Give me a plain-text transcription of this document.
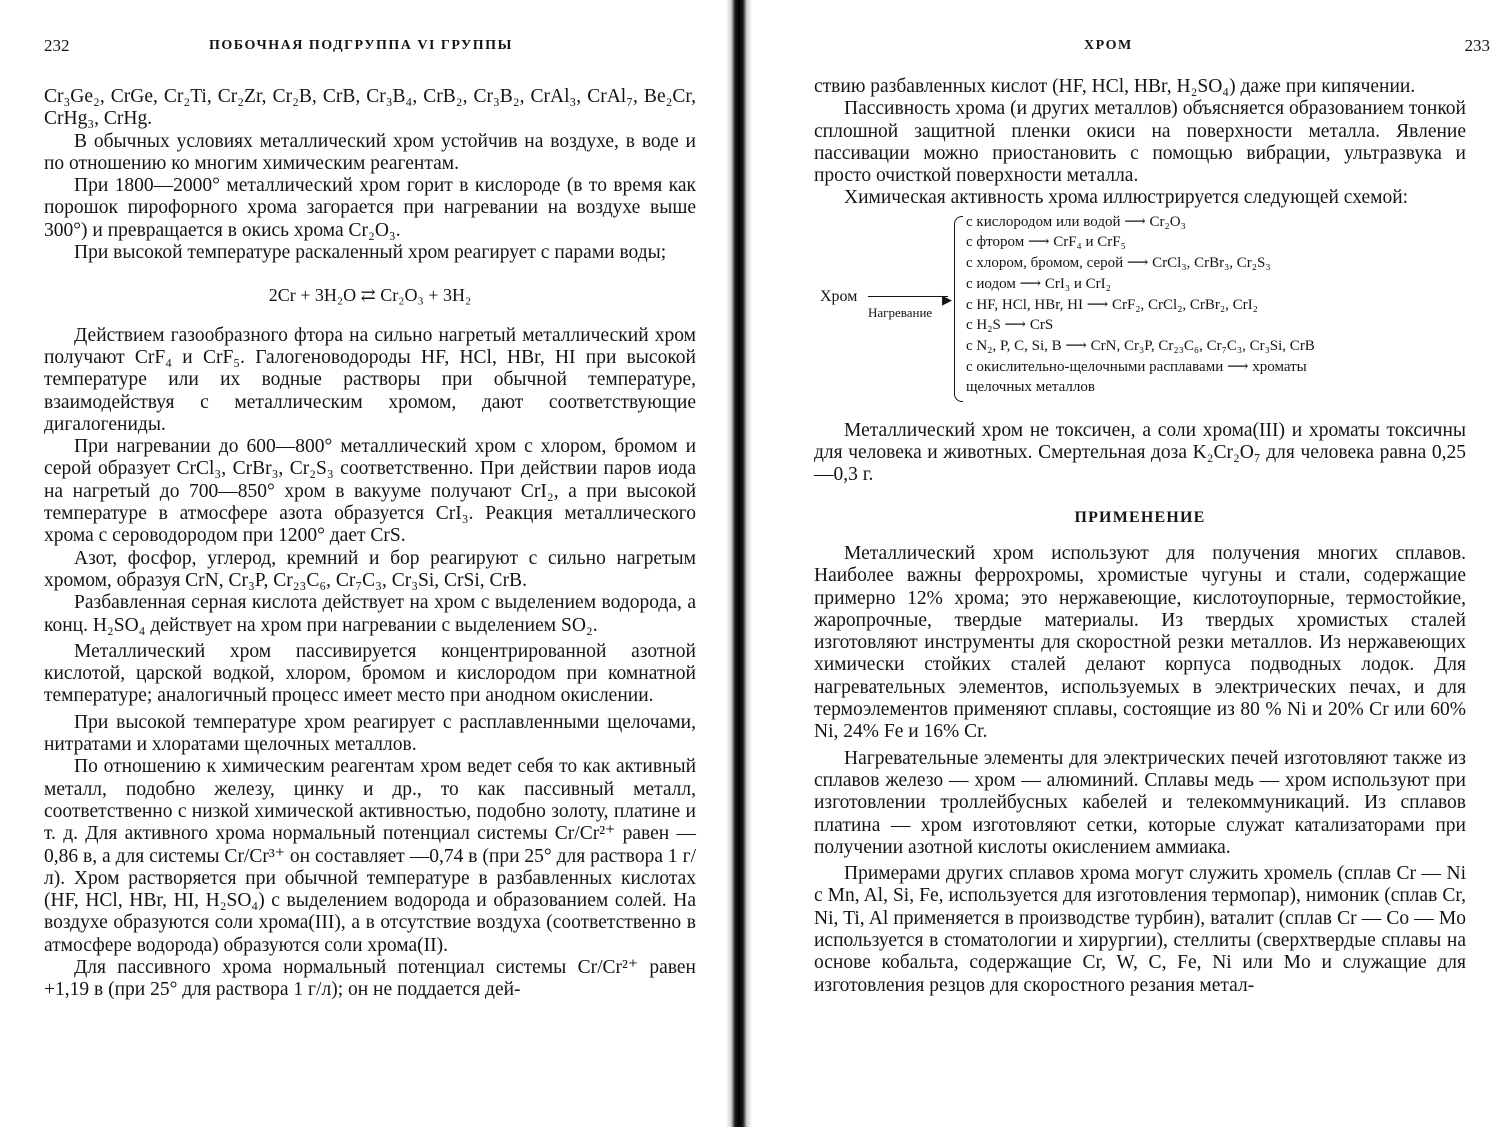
232	ПОБОЧНАЯ ПОДГРУППА VI ГРУППЫ

Cr₃Ge₂, CrGe, Cr₂Ti, Cr₂Zr, Cr₂B, CrB, Cr₃B₄, CrB₂, Cr₃B₂, CrAl₃, CrAl₇, Be₂Cr, CrHg₃, CrHg.

В обычных условиях металлический хром устойчив на воздухе, в воде и по отношению ко многим химическим реагентам.

При 1800—2000° металлический хром горит в кислороде (в то время как порошок пирофорного хрома загорается при нагревании на воздухе выше 300°) и превращается в окись хрома Cr₂O₃.

При высокой температуре раскаленный хром реагирует с парами воды;

2Cr + 3H₂O ⇄ Cr₂O₃ + 3H₂

Действием газообразного фтора на сильно нагретый металлический хром получают CrF₄ и CrF₅. Галогеноводороды HF, HCl, HBr, HI при высокой температуре или их водные растворы при обычной температуре, взаимодействуя с металлическим хромом, дают соответствующие дигалогениды.

При нагревании до 600—800° металлический хром с хлором, бромом и серой образует CrCl₃, CrBr₃, Cr₂S₃ соответственно. При действии паров иода на нагретый до 700—850° хром в вакууме получают CrI₂, а при высокой температуре в атмосфере азота образуется CrI₃. Реакция металлического хрома с сероводородом при 1200° дает CrS.

Азот, фосфор, углерод, кремний и бор реагируют с сильно нагретым хромом, образуя CrN, Cr₃P, Cr₂₃C₆, Cr₇C₃, Cr₃Si, CrSi, CrB.

Разбавленная серная кислота действует на хром с выделением водорода, а конц. H₂SO₄ действует на хром при нагревании с выделением SO₂.

Металлический хром пассивируется концентрированной азотной кислотой, царской водкой, хлором, бромом и кислородом при комнатной температуре; аналогичный процесс имеет место при анодном окислении.

При высокой температуре хром реагирует с расплавленными щелочами, нитратами и хлоратами щелочных металлов.

По отношению к химическим реагентам хром ведет себя то как активный металл, подобно железу, цинку и др., то как пассивный металл, соответственно с низкой химической активностью, подобно золоту, платине и т. д. Для активного хрома нормальный потенциал системы Cr/Cr²⁺ равен —0,86 в, а для системы Cr/Cr³⁺ он составляет —0,74 в (при 25° для раствора 1 г/л). Хром растворяется при обычной температуре в разбавленных кислотах (HF, HCl, HBr, HI, H₂SO₄) с выделением водорода и образованием солей. На воздухе образуются соли хрома(III), а в отсутствие воздуха (соответственно в атмосфере водорода) образуются соли хрома(II).

Для пассивного хрома нормальный потенциал системы Cr/Cr²⁺ равен +1,19 в (при 25° для раствора 1 г/л); он не поддается дей-

ХРОМ	233

ствию разбавленных кислот (HF, HCl, HBr, H₂SO₄) даже при кипячении.

Пассивность хрома (и других металлов) объясняется образованием тонкой сплошной защитной пленки окиси на поверхности металла. Явление пассивации можно приостановить с помощью вибрации, ультразвука и просто очисткой поверхности металла.

Химическая активность хрома иллюстрируется следующей схемой:

Хром	▶
Нагревание
с кислородом или водой ⟶ Cr₂O₃
с фтором ⟶ CrF₄ и CrF₅
с хлором, бромом, серой ⟶ CrCl₃, CrBr₃, Cr₂S₃
с иодом ⟶ CrI₃ и CrI₂
с HF, HCl, HBr, HI ⟶ CrF₂, CrCl₂, CrBr₂, CrI₂
с H₂S ⟶ CrS
с N₂, P, C, Si, B ⟶ CrN, Cr₃P, Cr₂₃C₆, Cr₇C₃, Cr₃Si, CrB
с окислительно-щелочными расплавами ⟶ хроматы
щелочных металлов

Металлический хром не токсичен, а соли хрома(III) и хроматы токсичны для человека и животных. Смертельная доза K₂Cr₂O₇ для человека равна 0,25—0,3 г.

ПРИМЕНЕНИЕ

Металлический хром используют для получения многих сплавов. Наиболее важны феррохромы, хромистые чугуны и стали, содержащие примерно 12% хрома; это нержавеющие, кислотоупорные, термостойкие, жаропрочные, твердые материалы. Из твердых хромистых сталей изготовляют инструменты для скоростной резки металлов. Из нержавеющих химически стойких сталей делают корпуса подводных лодок. Для нагревательных элементов, используемых в электрических печах, и для термоэлементов применяют сплавы, состоящие из 80 % Ni и 20% Cr или 60% Ni, 24% Fe и 16% Cr.

Нагревательные элементы для электрических печей изготовляют также из сплавов железо — хром — алюминий. Сплавы медь — хром используют при изготовлении троллейбусных кабелей и телекоммуникаций. Из сплавов платина — хром изготовляют сетки, которые служат катализаторами при получении азотной кислоты окислением аммиака.

Примерами других сплавов хрома могут служить хромель (сплав Cr — Ni с Mn, Al, Si, Fe, используется для изготовления термопар), нимоник (сплав Cr, Ni, Ti, Al применяется в производстве турбин), ваталит (сплав Cr — Co — Mo используется в стоматологии и хирургии), стеллиты (сверхтвердые сплавы на основе кобальта, содержащие Cr, W, C, Fe, Ni или Mo и служащие для изготовления резцов для скоростного резания метал-
